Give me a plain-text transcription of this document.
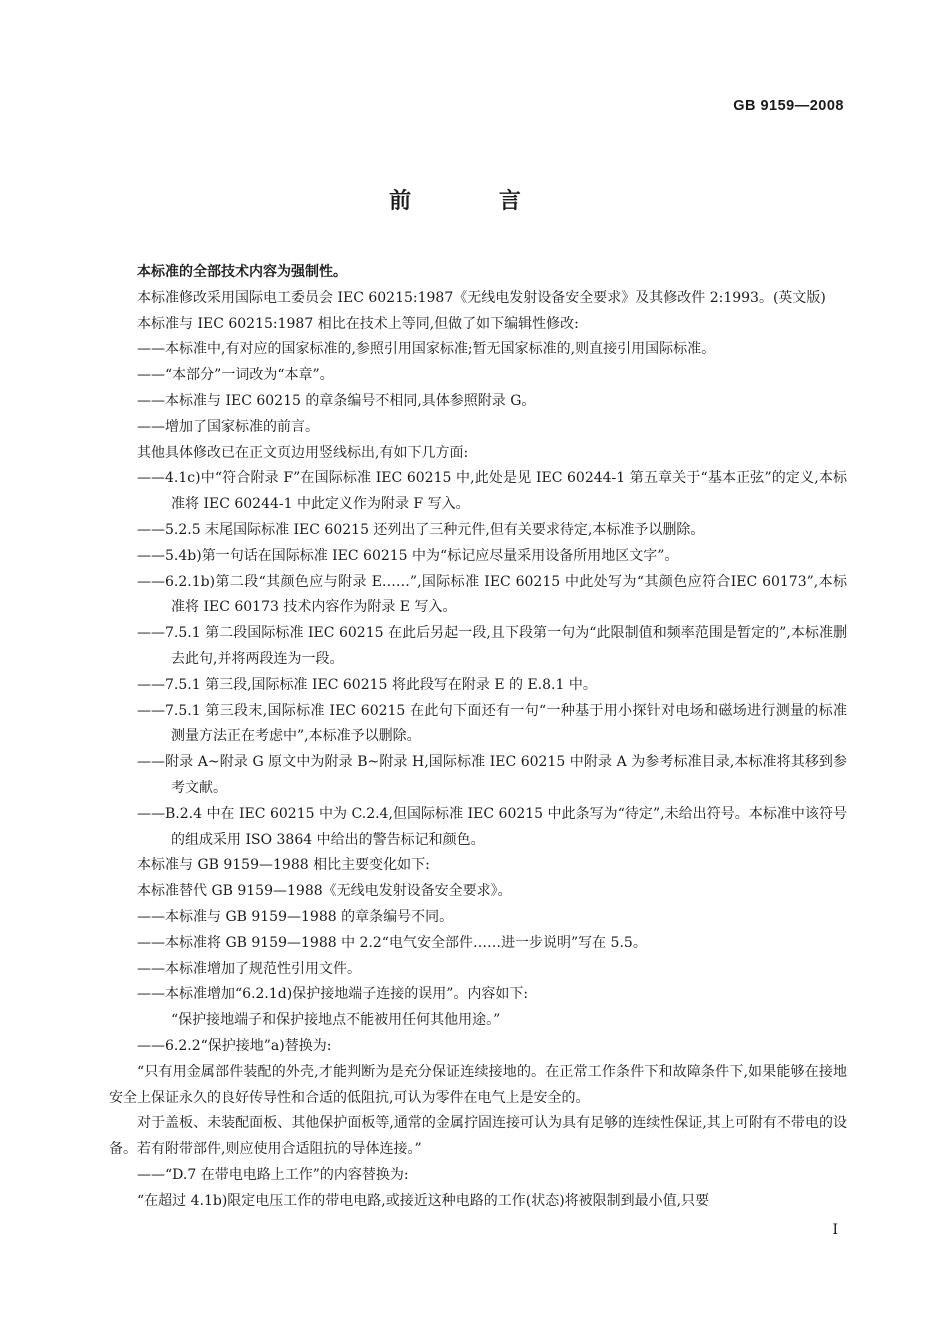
GB 9159—2008
前 言
本标准的全部技术内容为强制性。
本标准修改采用国际电工委员会 IEC 60215:1987《无线电发射设备安全要求》及其修改件 2:1993。(英文版)
本标准与 IEC 60215:1987 相比在技术上等同,但做了如下编辑性修改:
——本标准中,有对应的国家标准的,参照引用国家标准;暂无国家标准的,则直接引用国际标准。
——“本部分”一词改为“本章”。
——本标准与 IEC 60215 的章条编号不相同,具体参照附录 G。
——增加了国家标准的前言。
其他具体修改已在正文页边用竖线标出,有如下几方面:
——4.1c)中“符合附录 F”在国际标准 IEC 60215 中,此处是见 IEC 60244-1 第五章关于“基本正弦”的定义,本标准将 IEC 60244-1 中此定义作为附录 F 写入。
——5.2.5 末尾国际标准 IEC 60215 还列出了三种元件,但有关要求待定,本标准予以删除。
——5.4b)第一句话在国际标准 IEC 60215 中为“标记应尽量采用设备所用地区文字”。
——6.2.1b)第二段“其颜色应与附录 E……”,国际标准 IEC 60215 中此处写为“其颜色应符合IEC 60173”,本标准将 IEC 60173 技术内容作为附录 E 写入。
——7.5.1 第二段国际标准 IEC 60215 在此后另起一段,且下段第一句为“此限制值和频率范围是暂定的”,本标准删去此句,并将两段连为一段。
——7.5.1 第三段,国际标准 IEC 60215 将此段写在附录 E 的 E.8.1 中。
——7.5.1 第三段末,国际标准 IEC 60215 在此句下面还有一句“一种基于用小探针对电场和磁场进行测量的标准测量方法正在考虑中”,本标准予以删除。
——附录 A~附录 G 原文中为附录 B~附录 H,国际标准 IEC 60215 中附录 A 为参考标准目录,本标准将其移到参考文献。
——B.2.4 中在 IEC 60215 中为 C.2.4,但国际标准 IEC 60215 中此条写为“待定”,未给出符号。本标准中该符号的组成采用 ISO 3864 中给出的警告标记和颜色。
本标准与 GB 9159—1988 相比主要变化如下:
本标准替代 GB 9159—1988《无线电发射设备安全要求》。
——本标准与 GB 9159—1988 的章条编号不同。
——本标准将 GB 9159—1988 中 2.2“电气安全部件……进一步说明”写在 5.5。
——本标准增加了规范性引用文件。
——本标准增加“6.2.1d)保护接地端子连接的误用”。内容如下:
“保护接地端子和保护接地点不能被用任何其他用途。”
——6.2.2“保护接地”a)替换为:
“只有用金属部件装配的外壳,才能判断为是充分保证连续接地的。在正常工作条件下和故障条件下,如果能够在接地安全上保证永久的良好传导性和合适的低阻抗,可认为零件在电气上是安全的。
对于盖板、未装配面板、其他保护面板等,通常的金属拧固连接可认为具有足够的连续性保证,其上可附有不带电的设备。若有附带部件,则应使用合适阻抗的导体连接。”
——“D.7 在带电电路上工作”的内容替换为:
“在超过 4.1b)限定电压工作的带电电路,或接近这种电路的工作(状态)将被限制到最小值,只要
I
